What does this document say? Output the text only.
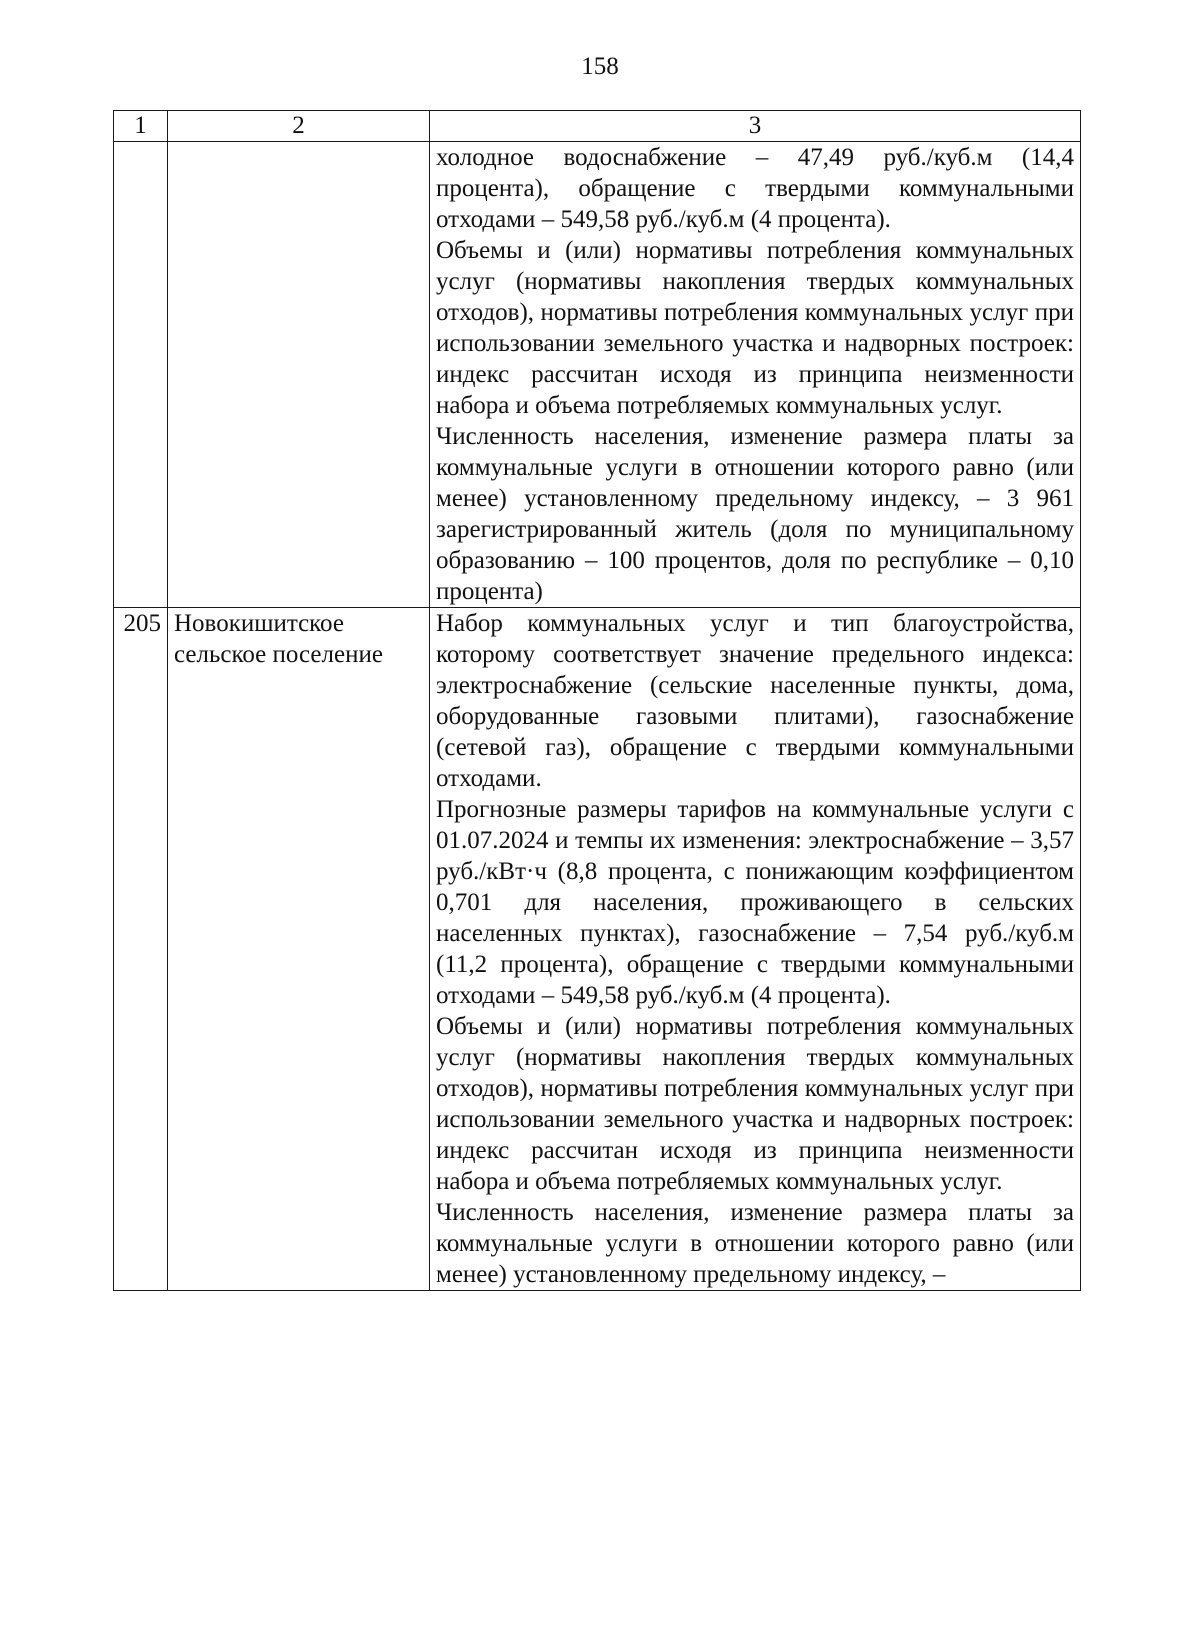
158
1	2	3

		холодное водоснабжение – 47,49 руб./куб.м (14,4 процента), обращение с твердыми коммунальными отходами – 549,58 руб./куб.м (4 процента).

Объемы и (или) нормативы потребления коммунальных услуг (нормативы накопления твердых коммунальных отходов), нормативы потребления коммунальных услуг при использовании земельного участка и надворных построек: индекс рассчитан исходя из принципа неизменности набора и объема потребляемых коммунальных услуг.

Численность населения, изменение размера платы за коммунальные услуги в отношении которого равно (или менее) установленному предельному индексу, – 3 961 зарегистрированный житель (доля по муниципальному образованию – 100 процентов, доля по республике – 0,10 процента)

205	Новокишитское сельское поселение	Набор коммунальных услуг и тип благоустройства, которому соответствует значение предельного индекса: электроснабжение (сельские населенные пункты, дома, оборудованные газовыми плитами), газоснабжение (сетевой газ), обращение с твердыми коммунальными отходами.

Прогнозные размеры тарифов на коммунальные услуги с 01.07.2024 и темпы их изменения: электроснабжение – 3,57 руб./кВт·ч (8,8 процента, с понижающим коэффициентом 0,701 для населения, проживающего в сельских населенных пунктах), газоснабжение – 7,54 руб./куб.м (11,2 процента), обращение с твердыми коммунальными отходами – 549,58 руб./куб.м (4 процента).

Объемы и (или) нормативы потребления коммунальных услуг (нормативы накопления твердых коммунальных отходов), нормативы потребления коммунальных услуг при использовании земельного участка и надворных построек: индекс рассчитан исходя из принципа неизменности набора и объема потребляемых коммунальных услуг.

Численность населения, изменение размера платы за коммунальные услуги в отношении которого равно (или менее) установленному предельному индексу, –
